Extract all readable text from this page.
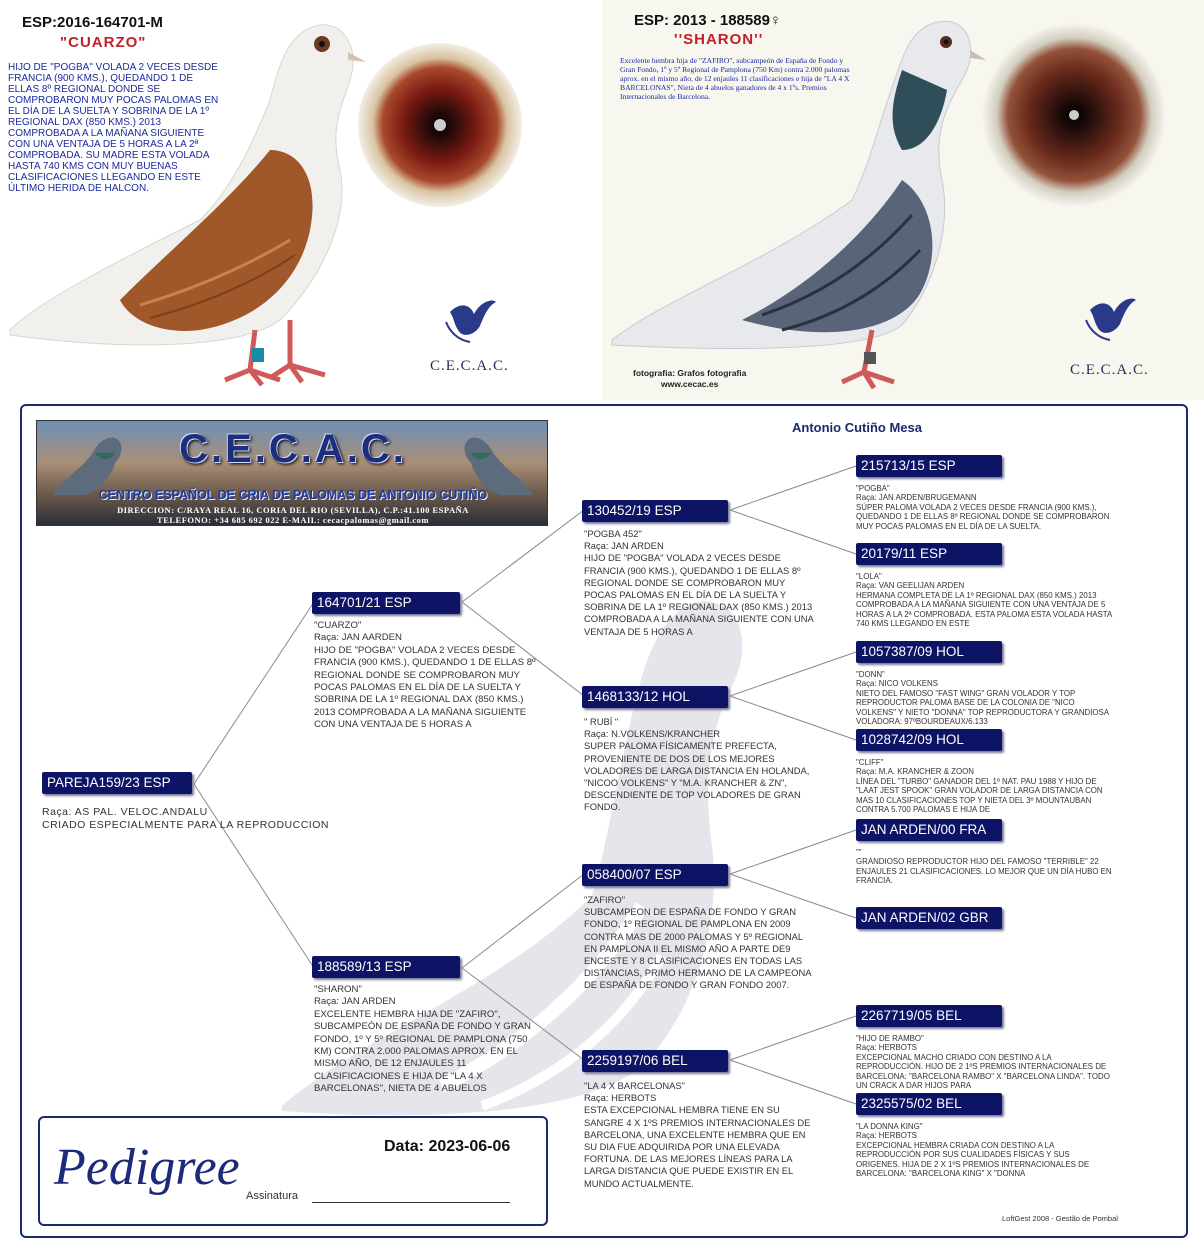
ESP:2016-164701-M
"CUARZO"
HIJO DE "POGBA" VOLADA 2 VECES DESDE FRANCIA (900 KMS.), QUEDANDO 1 DE ELLAS 8º REGIONAL DONDE SE COMPROBARON MUY POCAS PALOMAS EN EL DÍA DE LA SUELTA Y SOBRINA DE LA 1º REGIONAL DAX (850 KMS.) 2013 COMPROBADA A LA MAÑANA SIGUIENTE CON UNA VENTAJA DE 5 HORAS A LA 2ª COMPROBADA. SU MADRE ESTA VOLADA HASTA 740 KMS CON MUY BUENAS CLASIFICACIONES LLEGANDO EN ESTE ÚLTIMO HERIDA DE HALCON.
C.E.C.A.C.
ESP: 2013 - 188589♀
''SHARON''
C.E.C.A.C.
Excelente hembra hija de "ZAFIRO", subcampeón de España de Fondo y Gran Fondo, 1º y 5º Regional de Pamplona (750 Km) contra 2.000 palomas aprox. en el mismo año, de 12 enjaules 11 clasificaciones e hija de "LA 4 X BARCELONAS", Nieta de 4 abuelos ganadores de 4 x 1ºs. Premios Internacionales de Barcelona.
fotografia: Grafos fotografia
www.cecac.es
C.E.C.A.C.
CENTRO ESPAÑOL DE CRIA DE PALOMAS DE ANTONIO CUTIÑO
DIRECCION: C/RAYA REAL 16, CORIA DEL RIO (SEVILLA), C.P.:41.100 ESPAÑA
TELEFONO: +34 685 692 022 E-MAIL: cecacpalomas@gmail.com
Antonio Cutiño Mesa
PAREJA159/23 ESP
Raça: AS PAL. VELOC.ANDALU
CRIADO ESPECIALMENTE PARA LA REPRODUCCION
164701/21 ESP
"CUARZO"
Raça: JAN AARDEN
HIJO DE "POGBA" VOLADA 2 VECES DESDE FRANCIA (900 KMS.), QUEDANDO 1 DE ELLAS 8º REGIONAL DONDE SE COMPROBARON MUY POCAS PALOMAS EN EL DÍA DE LA SUELTA Y SOBRINA DE LA 1º REGIONAL DAX (850 KMS.) 2013 COMPROBADA A LA MAÑANA SIGUIENTE CON UNA VENTAJA DE 5 HORAS A
188589/13 ESP
"SHARON"
Raça: JAN ARDEN
EXCELENTE HEMBRA HIJA DE "ZAFIRO", SUBCAMPEÓN DE ESPAÑA DE FONDO Y GRAN FONDO, 1º Y 5º REGIONAL DE PAMPLONA (750 KM) CONTRA 2.000 PALOMAS APROX. EN EL MISMO AÑO, DE 12 ENJAULES 11 CLASIFICACIONES E HIJA DE "LA 4 X BARCELONAS", NIETA DE 4 ABUELOS
130452/19 ESP
"POGBA 452"
Raça: JAN ARDEN
HIJO DE "POGBA" VOLADA 2 VECES DESDE FRANCIA (900 KMS.), QUEDANDO 1 DE ELLAS 8º REGIONAL DONDE SE COMPROBARON MUY POCAS PALOMAS EN EL DÍA DE LA SUELTA Y SOBRINA DE LA 1º REGIONAL DAX (850 KMS.) 2013 COMPROBADA A LA MAÑANA SIGUIENTE CON UNA VENTAJA DE 5 HORAS A
1468133/12 HOL
" RUBÍ "
Raça: N.VOLKENS/KRANCHER
SUPER PALOMA FÍSICAMENTE PREFECTA, PROVENIENTE DE DOS DE LOS MEJORES VOLADORES DE LARGA DISTANCIA EN HOLANDA, "NICOO VOLKENS" Y "M.A. KRANCHER & ZN", DESCENDIENTE DE TOP VOLADORES DE GRAN FONDO.
058400/07 ESP
"ZAFIRO"
SUBCAMPEON DE ESPAÑA DE FONDO Y GRAN FONDO, 1º REGIONAL DE PAMPLONA EN 2009 CONTRA MAS DE 2000 PALOMAS Y 5º REGIONAL EN PAMPLONA II EL MISMO AÑO A PARTE DE9 ENCESTE Y 8 CLASIFICACIONES EN TODAS LAS DISTANCIAS, PRIMO HERMANO DE LA CAMPEONA DE ESPAÑA DE FONDO Y GRAN FONDO 2007.
2259197/06 BEL
"LA 4 X BARCELONAS"
Raça: HERBOTS
ESTA EXCEPCIONAL HEMBRA TIENE EN SU SANGRE 4 X 1ºS PREMIOS INTERNACIONALES DE BARCELONA, UNA EXCELENTE HEMBRA QUE EN SU DIA FUE ADQUIRIDA POR UNA ELEVADA FORTUNA. DE LAS MEJORES LÍNEAS PARA LA LARGA DISTANCIA QUE PUEDE EXISTIR EN EL MUNDO ACTUALMENTE.
215713/15 ESP
"POGBA"
Raça: JAN ARDEN/BRUGEMANN
SÚPER PALOMA VOLADA 2 VECES DESDE FRANCIA (900 KMS.), QUEDANDO 1 DE ELLAS 8º REGIONAL DONDE SE COMPROBARON MUY POCAS PALOMAS EN EL DÍA DE LA SUELTA.
20179/11 ESP
"LOLA"
Raça: VAN GEELIJAN ARDEN
HERMANA COMPLETA DE LA 1º REGIONAL DAX (850 KMS.) 2013 COMPROBADA A LA MAÑANA SIGUIENTE CON UNA VENTAJA DE 5 HORAS A LA 2ª COMPROBADA. ESTA PALOMA ESTA VOLADA HASTA 740 KMS LLEGANDO EN ESTE
1057387/09 HOL
"DONN"
Raça: NICO VOLKENS
NIETO DEL FAMOSO "FAST WING" GRAN VOLADOR Y TOP REPRODUCTOR PALOMA BASE DE LA COLONIA DE "NICO VOLKENS" Y NIETO "DONNA" TOP REPRODUCTORA Y GRANDIOSA VOLADORA: 97ºBOURDEAUX/6.133
1028742/09 HOL
"CLIFF"
Raça: M.A. KRANCHER & ZOON
LÍNEA DEL "TURBO" GANADOR DEL 1º NAT. PAU 1988 Y HIJO DE "LAAT JEST SPOOK" GRAN VOLADOR DE LARGA DISTANCIA CON MAS 10 CLASIFICACIONES TOP Y NIETA DEL 3º MOUNTAUBAN CONTRA 5.700 PALOMAS E HIJA DE
JAN ARDEN/00 FRA
""
GRANDIOSO REPRODUCTOR HIJO DEL FAMOSO "TERRIBLE" 22 ENJAULES 21 CLASIFICACIONES. LO MEJOR QUE UN DÍA HUBO EN FRANCIA.
JAN ARDEN/02 GBR
2267719/05 BEL
"HIJO DE RAMBO"
Raça: HERBOTS
EXCEPCIONAL MACHO CRIADO CON DESTINO A LA REPRODUCCIÓN. HIJO DE 2 1ºS PREMIOS INTERNACIONALES DE BARCELONA: "BARCELONA RAMBO" X "BARCELONA LINDA". TODO UN CRACK A DAR HIJOS PARA
2325575/02 BEL
"LA DONNA KING"
Raça: HERBOTS
EXCEPCIONAL HEMBRA CRIADA CON DESTINO A LA REPRODUCCIÓN POR SUS CUALIDADES FÍSICAS Y SUS ORIGENES. HIJA DE 2 X 1ºS PREMIOS INTERNACIONALES DE BARCELONA: "BARCELONA KING" X "DONNA
Pedigree	Data: 2023-06-06
Assinatura
LoftGest 2008 - Gestão de Pombal
